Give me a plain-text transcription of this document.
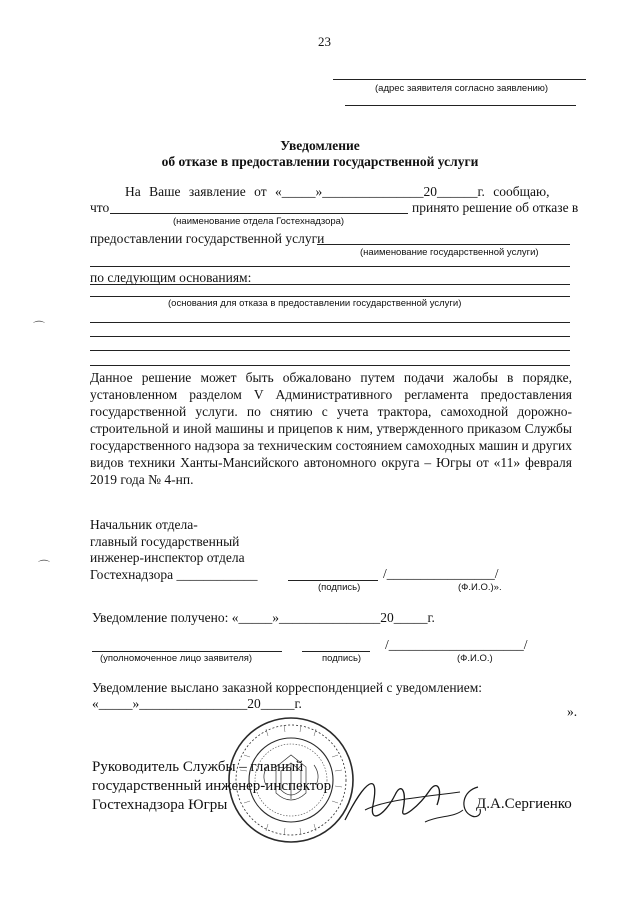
23
(адрес заявителя согласно заявлению)
Уведомление
об отказе в предоставлении государственной услуги
На Ваше заявление от «_____»_______________20______г. сообщаю,
что	принято решение об отказе в
(наименование отдела Гостехнадзора)
предоставлении государственной услуги
(наименование государственной услуги)
по следующим основаниям:
(основания для отказа в предоставлении государственной услуги)
Данное решение может быть обжаловано путем подачи жалобы в порядке, установленном разделом V Административного регламента предоставления государственной услуги. по снятию с учета трактора, самоходной дорожно-строительной и иной машины и прицепов к ним, утвержденного приказом Службы государственного надзора за техническим состоянием самоходных машин и других видов техники Ханты-Мансийского автономного округа – Югры от «11» февраля 2019 года № 4-нп.
Начальник отдела-
главный государственный
инженер-инспектор отдела
Гостехнадзора ____________	/________________/
(подпись)	(Ф.И.О.)».
Уведомление получено: «_____»_______________20_____г.
/____________________/
(уполномоченное лицо заявителя)	подпись)	(Ф.И.О.)
Уведомление выслано заказной корреспонденцией с уведомлением:
«_____»________________20_____г.
».
Руководитель Службы – главный
государственный инженер-инспектор
Гостехнадзора Югры	Д.А.Сергиенко
⌒
⌒
